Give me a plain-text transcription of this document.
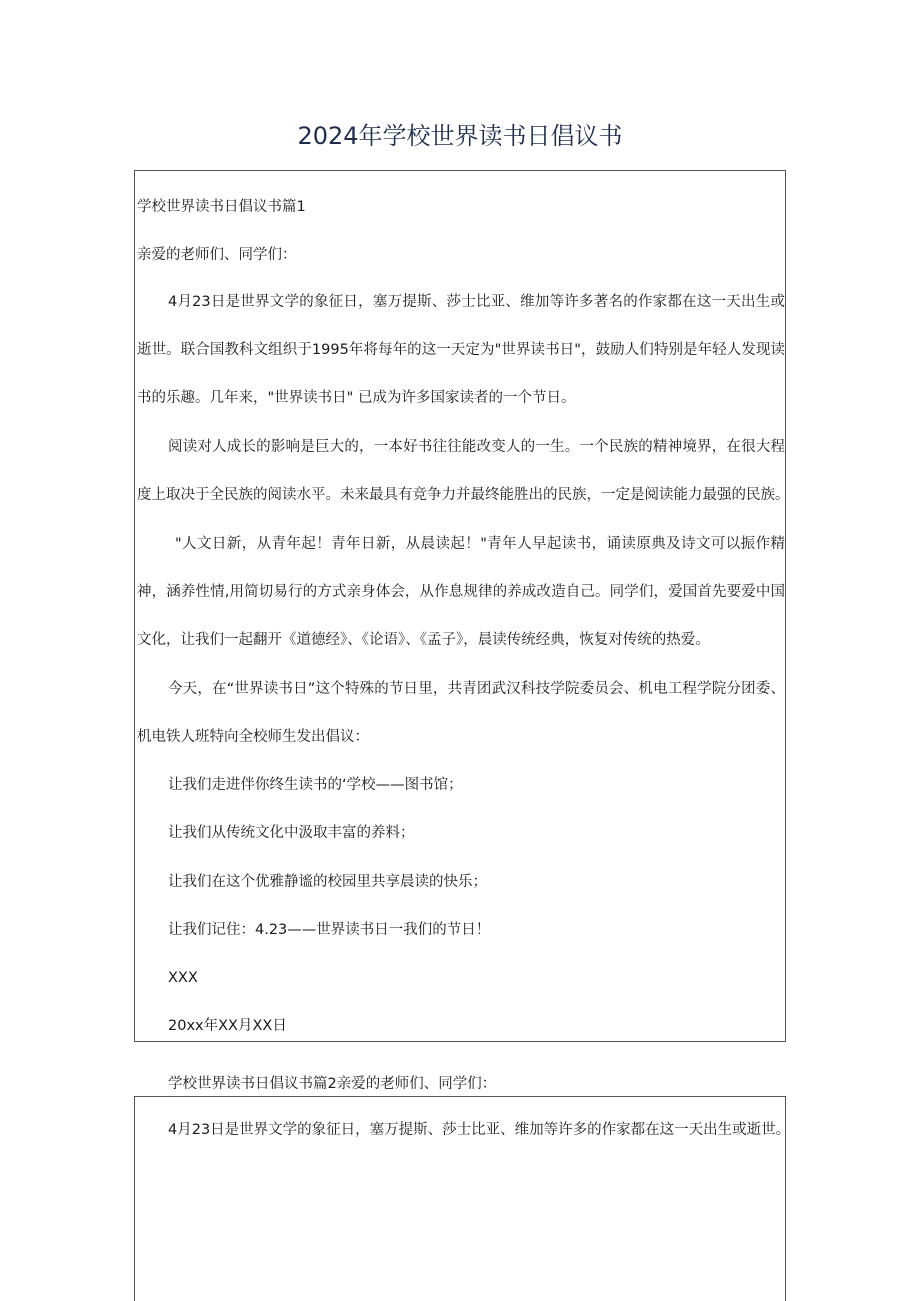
2024年学校世界读书日倡议书
学校世界读书日倡议书篇1
亲爱的老师们、同学们：
4月23日是世界文学的象征日，塞万提斯、莎士比亚、维加等许多著名的作家都在这一天出生或
逝世。联合国教科文组织于1995年将每年的这一天定为"世界读书日"，鼓励人们特别是年轻人发现读
书的乐趣。几年来，"世界读书日" 已成为许多国家读者的一个节日。
阅读对人成长的影响是巨大的，一本好书往往能改变人的一生。一个民族的精神境界，在很大程
度上取决于全民族的阅读水平。未来最具有竞争力并最终能胜出的民族，一定是阅读能力最强的民族。
"人文日新，从青年起！青年日新，从晨读起！"青年人早起读书，诵读原典及诗文可以振作精
神，涵养性情,用简切易行的方式亲身体会，从作息规律的养成改造自己。同学们，爱国首先要爱中国
文化，让我们一起翻开《道德经》、《论语》、《孟子》，晨读传统经典，恢复对传统的热爱。
今天，在“世界读书日”这个特殊的节日里，共青团武汉科技学院委员会、机电工程学院分团委、
机电铁人班特向全校师生发出倡议：
让我们走进伴你终生读书的‘学校——图书馆；
让我们从传统文化中汲取丰富的养料；
让我们在这个优雅静谧的校园里共享晨读的快乐；
让我们记住：4.23——世界读书日一我们的节日！
XXX
20xx年XX月XX日
学校世界读书日倡议书篇2亲爱的老师们、同学们：
4月23日是世界文学的象征日，塞万提斯、莎士比亚、维加等许多的作家都在这一天出生或逝世。
